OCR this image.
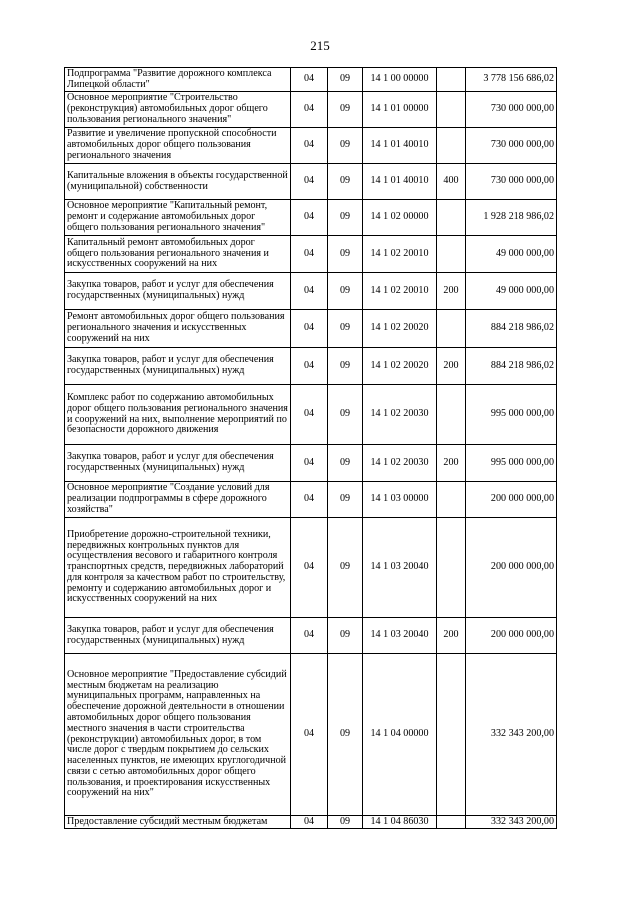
215
Подпрограмма "Развитие дорожного комплекса Липецкой области"	04	09	14 1 00 00000		3 778 156 686,02
Основное мероприятие "Строительство (реконструкция) автомобильных дорог общего пользования регионального значения"	04	09	14 1 01 00000		730 000 000,00
Развитие и увеличение пропускной способности автомобильных дорог общего пользования регионального значения	04	09	14 1 01 40010		730 000 000,00
Капитальные вложения в объекты государственной (муниципальной) собственности	04	09	14 1 01 40010	400	730 000 000,00
Основное мероприятие "Капитальный ремонт, ремонт и содержание автомобильных дорог общего пользования регионального значения"	04	09	14 1 02 00000		1 928 218 986,02
Капитальный ремонт автомобильных дорог общего пользования регионального значения и искусственных сооружений на них	04	09	14 1 02 20010		49 000 000,00
Закупка товаров, работ и услуг для обеспечения государственных (муниципальных) нужд	04	09	14 1 02 20010	200	49 000 000,00
Ремонт автомобильных дорог общего пользования регионального значения и искусственных сооружений на них	04	09	14 1 02 20020		884 218 986,02
Закупка товаров, работ и услуг для обеспечения государственных (муниципальных) нужд	04	09	14 1 02 20020	200	884 218 986,02
Комплекс работ по содержанию автомобильных дорог общего пользования регионального значения и сооружений на них, выполнение мероприятий по безопасности дорожного движения	04	09	14 1 02 20030		995 000 000,00
Закупка товаров, работ и услуг для обеспечения государственных (муниципальных) нужд	04	09	14 1 02 20030	200	995 000 000,00
Основное мероприятие "Создание условий для реализации подпрограммы в сфере дорожного хозяйства"	04	09	14 1 03 00000		200 000 000,00
Приобретение дорожно-строительной техники, передвижных контрольных пунктов для осуществления весового и габаритного контроля транспортных средств, передвижных лабораторий для контроля за качеством работ по строительству, ремонту и содержанию автомобильных дорог и искусственных сооружений на них	04	09	14 1 03 20040		200 000 000,00
Закупка товаров, работ и услуг для обеспечения государственных (муниципальных) нужд	04	09	14 1 03 20040	200	200 000 000,00
Основное мероприятие "Предоставление субсидий местным бюджетам на реализацию муниципальных программ, направленных на обеспечение дорожной деятельности в отношении автомобильных дорог общего пользования местного значения в части строительства (реконструкции) автомобильных дорог, в том числе дорог с твердым покрытием до сельских населенных пунктов, не имеющих круглогодичной связи с сетью автомобильных дорог общего пользования, и проектирования искусственных сооружений на них"	04	09	14 1 04 00000		332 343 200,00
Предоставление субсидий местным бюджетам	04	09	14 1 04 86030		332 343 200,00
